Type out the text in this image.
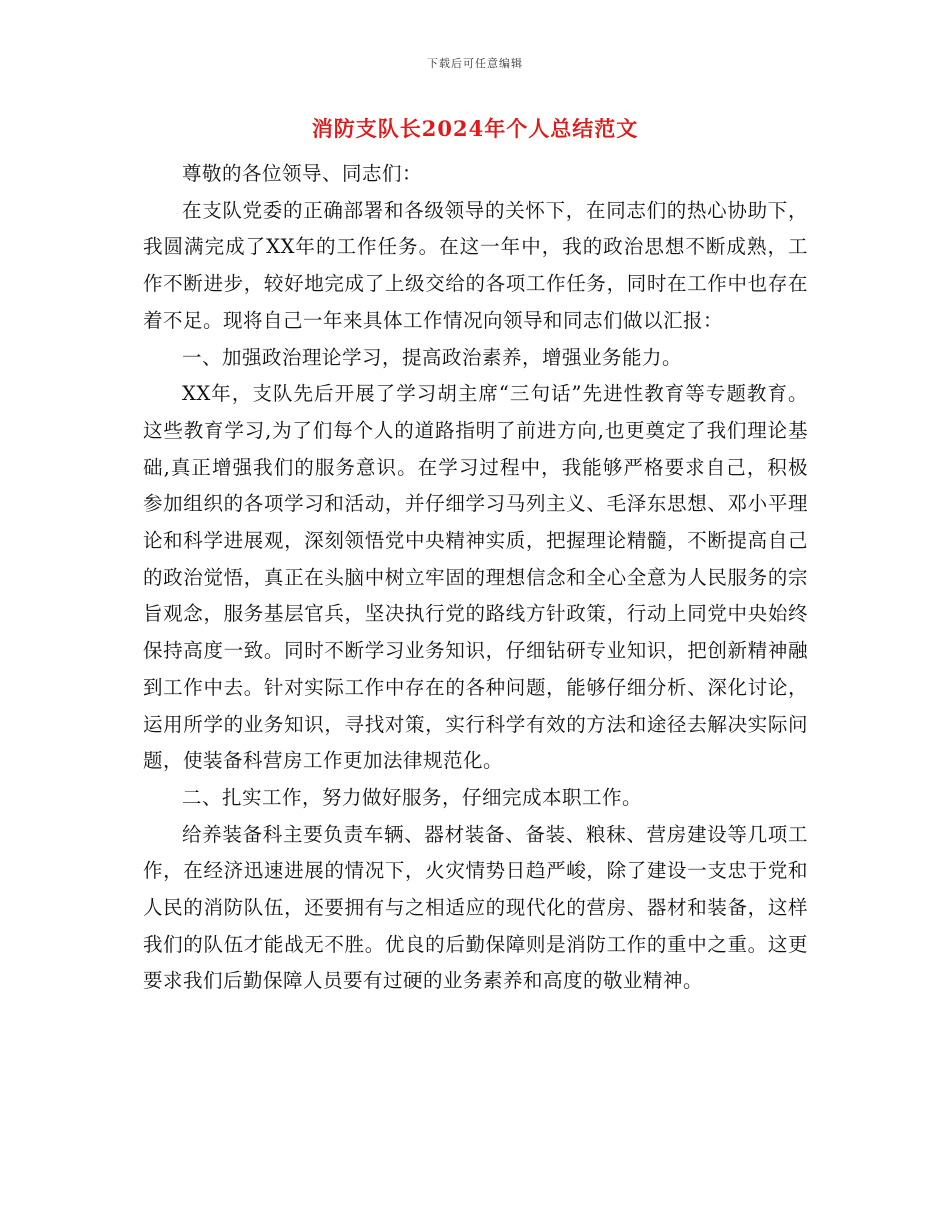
下载后可任意编辑
消防支队长2024年个人总结范文

尊敬的各位领导、同志们：

在支队党委的正确部署和各级领导的关怀下，在同志们的热心协助下，我圆满完成了XX年的工作任务。在这一年中，我的政治思想不断成熟，工作不断进步，较好地完成了上级交给的各项工作任务，同时在工作中也存在着不足。现将自己一年来具体工作情况向领导和同志们做以汇报：

一、加强政治理论学习，提高政治素养，增强业务能力。

XX年，支队先后开展了学习胡主席“三句话”先进性教育等专题教育。这些教育学习,为了们每个人的道路指明了前进方向,也更奠定了我们理论基础,真正增强我们的服务意识。在学习过程中，我能够严格要求自己，积极参加组织的各项学习和活动，并仔细学习马列主义、毛泽东思想、邓小平理论和科学进展观，深刻领悟党中央精神实质，把握理论精髓，不断提高自己的政治觉悟，真正在头脑中树立牢固的理想信念和全心全意为人民服务的宗旨观念，服务基层官兵，坚决执行党的路线方针政策，行动上同党中央始终保持高度一致。同时不断学习业务知识，仔细钻研专业知识，把创新精神融到工作中去。针对实际工作中存在的各种问题，能够仔细分析、深化讨论，运用所学的业务知识，寻找对策，实行科学有效的方法和途径去解决实际问题，使装备科营房工作更加法律规范化。

二、扎实工作，努力做好服务，仔细完成本职工作。

给养装备科主要负责车辆、器材装备、备装、粮秣、营房建设等几项工作，在经济迅速进展的情况下，火灾情势日趋严峻，除了建设一支忠于党和人民的消防队伍，还要拥有与之相适应的现代化的营房、器材和装备，这样我们的队伍才能战无不胜。优良的后勤保障则是消防工作的重中之重。这更要求我们后勤保障人员要有过硬的业务素养和高度的敬业精神。
